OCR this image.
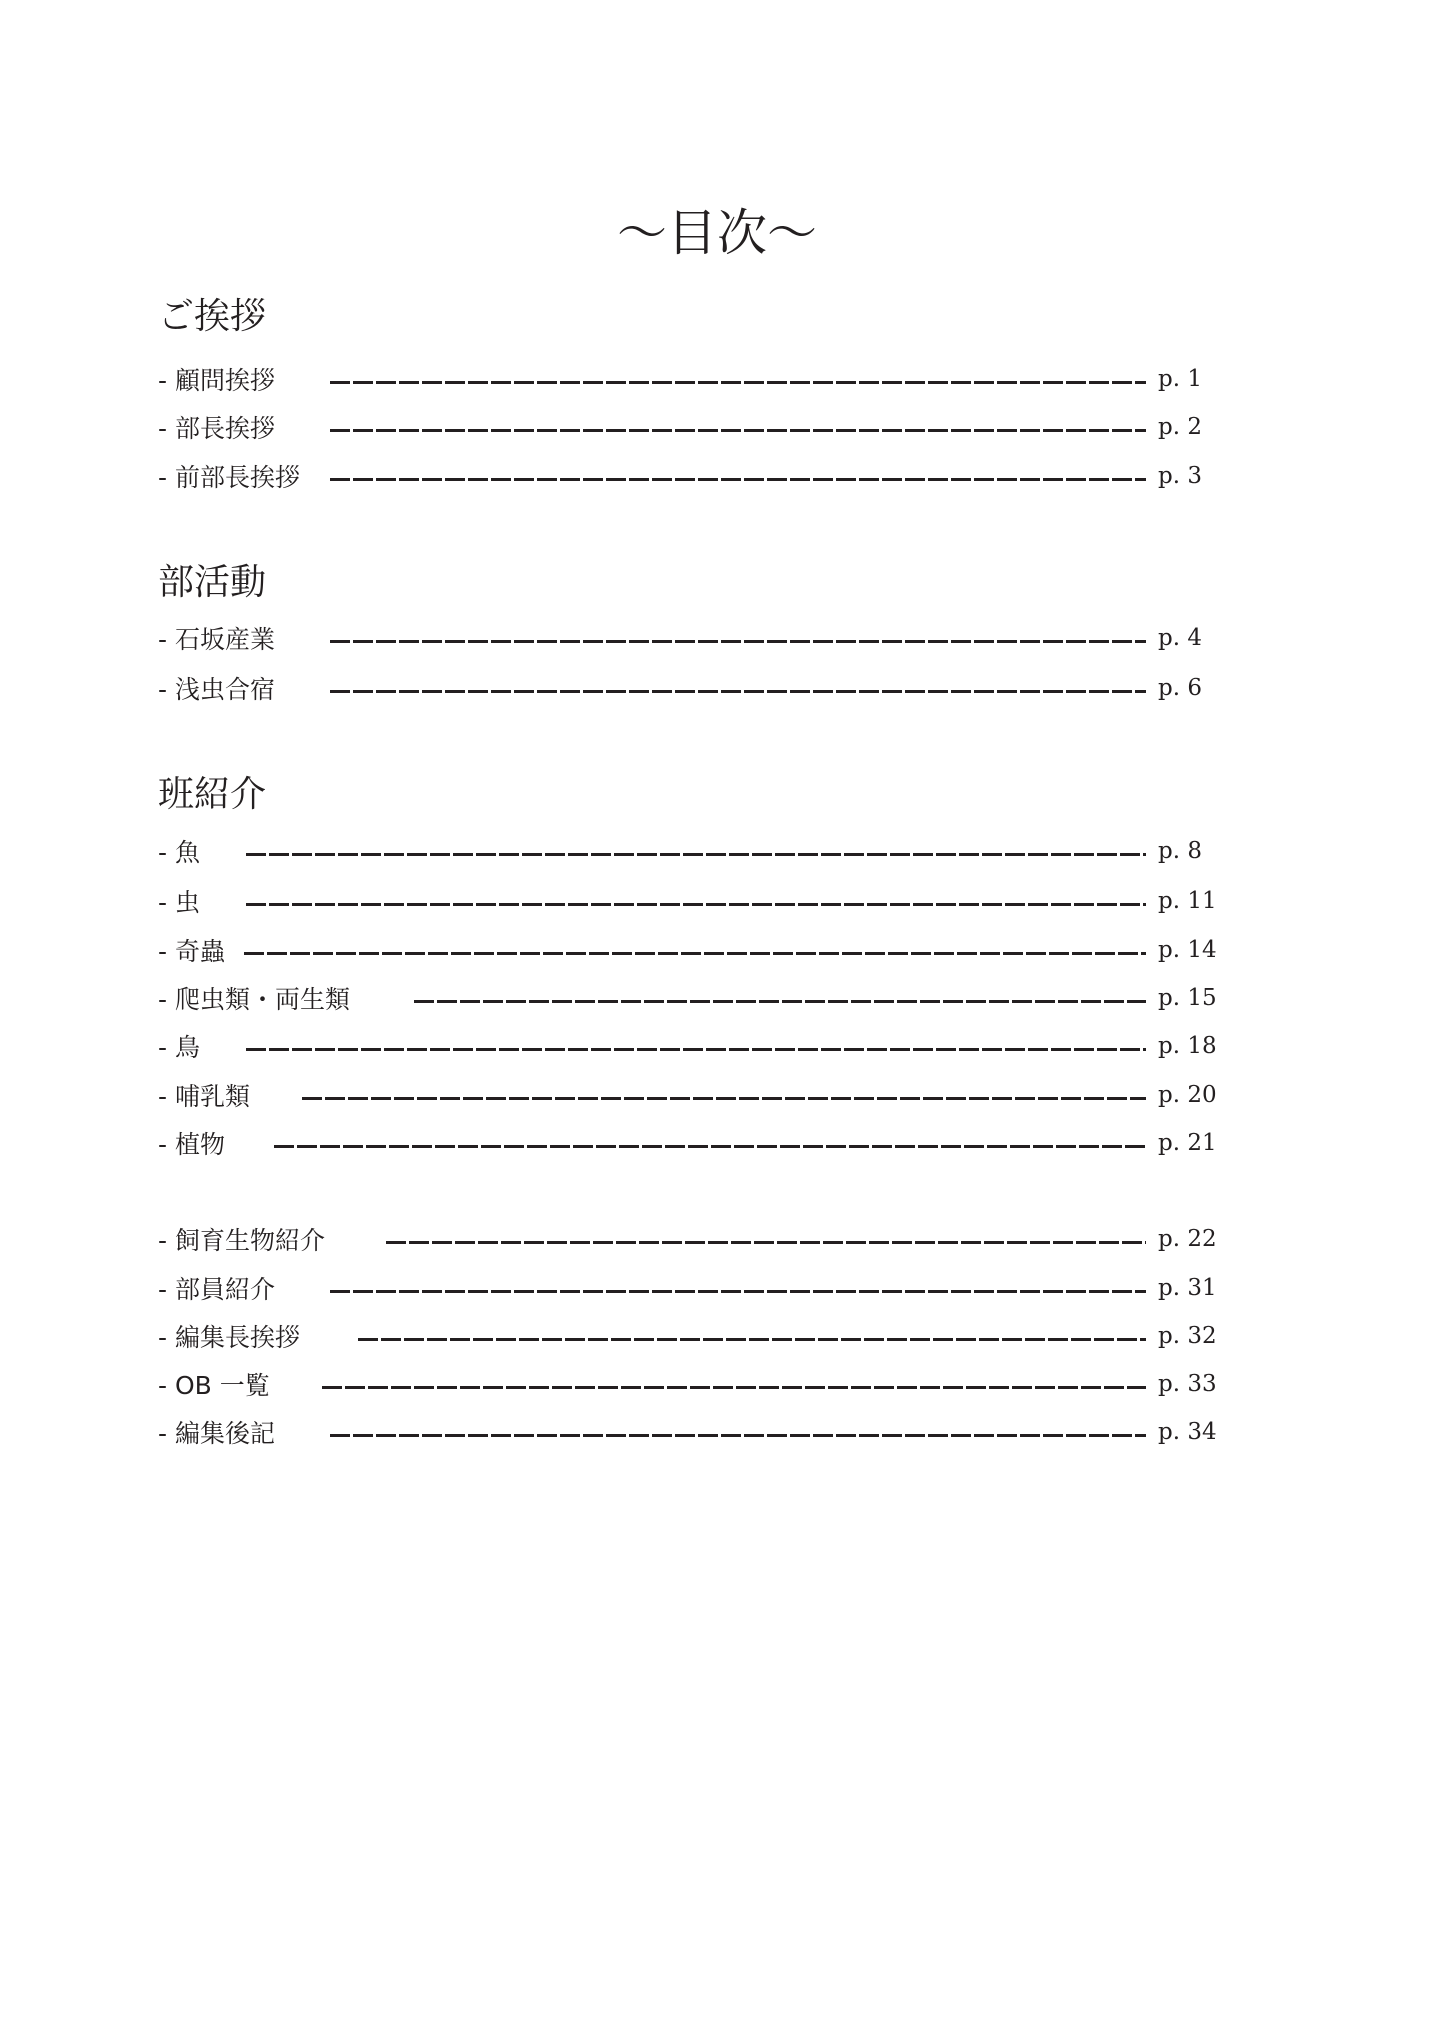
～目次～
ご挨拶
- 顧問挨拶	p. 1
- 部長挨拶	p. 2
- 前部長挨拶	p. 3
部活動
- 石坂産業	p. 4
- 浅虫合宿	p. 6
班紹介
- 魚	p. 8
- 虫	p. 11
- 奇蟲	p. 14
- 爬虫類・両生類	p. 15
- 鳥	p. 18
- 哺乳類	p. 20
- 植物	p. 21
- 飼育生物紹介	p. 22
- 部員紹介	p. 31
- 編集長挨拶	p. 32
- OB 一覧	p. 33
- 編集後記	p. 34
